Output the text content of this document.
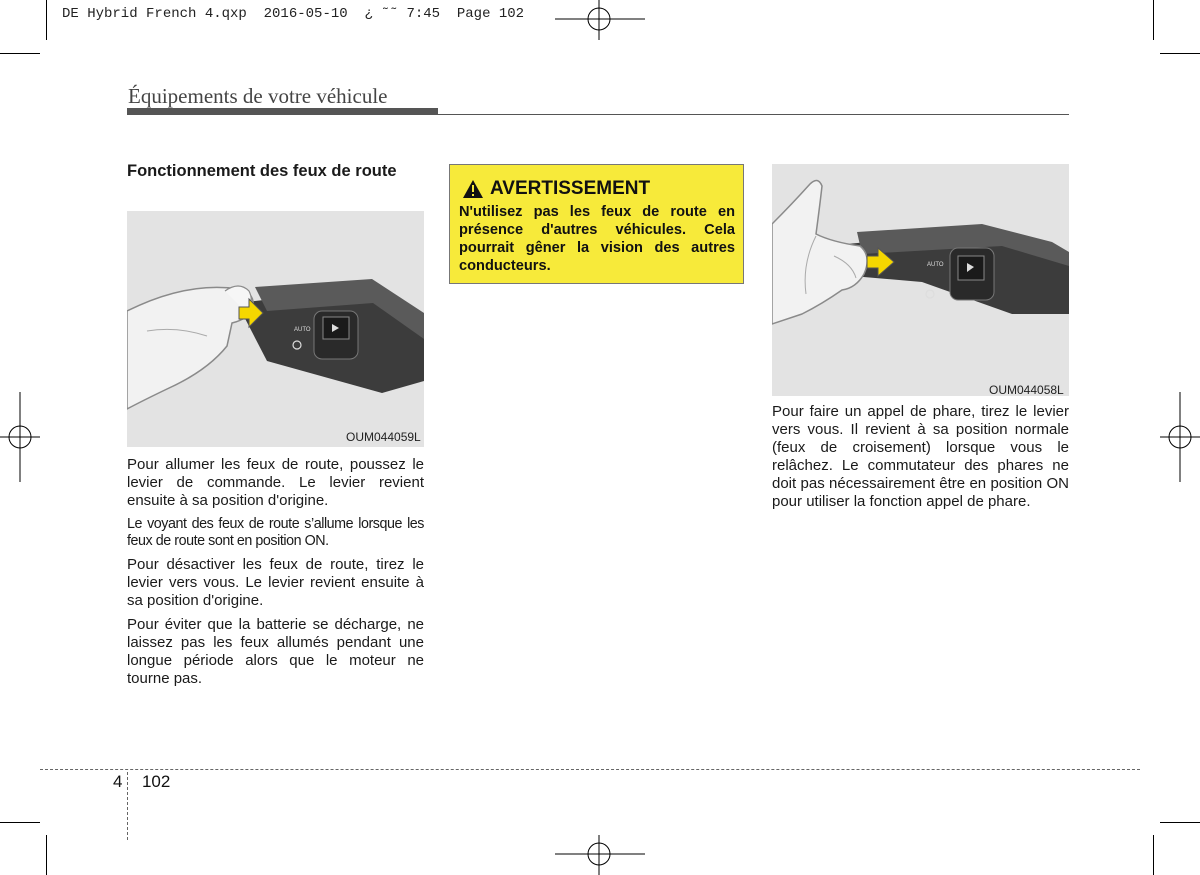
DE Hybrid French 4.qxp  2016-05-10  ¿ ˜˜ 7:45  Page 102
Équipements de votre véhicule
Fonctionnement des feux de route
AUTO
OUM044059L

Pour allumer les feux de route, poussez le levier de commande. Le levier revient ensuite à sa position d'origine.

Le voyant des feux de route s’allume lorsque les feux de route sont en position ON.

Pour désactiver les feux de route, tirez le levier vers vous. Le levier revient ensuite à sa position d'origine.

Pour éviter que la batterie se décharge, ne laissez pas les feux allumés pendant une longue période alors que le moteur ne tourne pas.

AVERTISSEMENT
N'utilisez pas les feux de route en présence d'autres véhicules. Cela pourrait gêner la vision des autres conducteurs.	AUTO
OUM044058L

Pour faire un appel de phare, tirez le levier vers vous. Il revient à sa position normale (feux de croisement) lorsque vous le relâchez. Le commutateur des phares ne doit pas nécessairement être en position ON pour utiliser la fonction appel de phare.

4 102
